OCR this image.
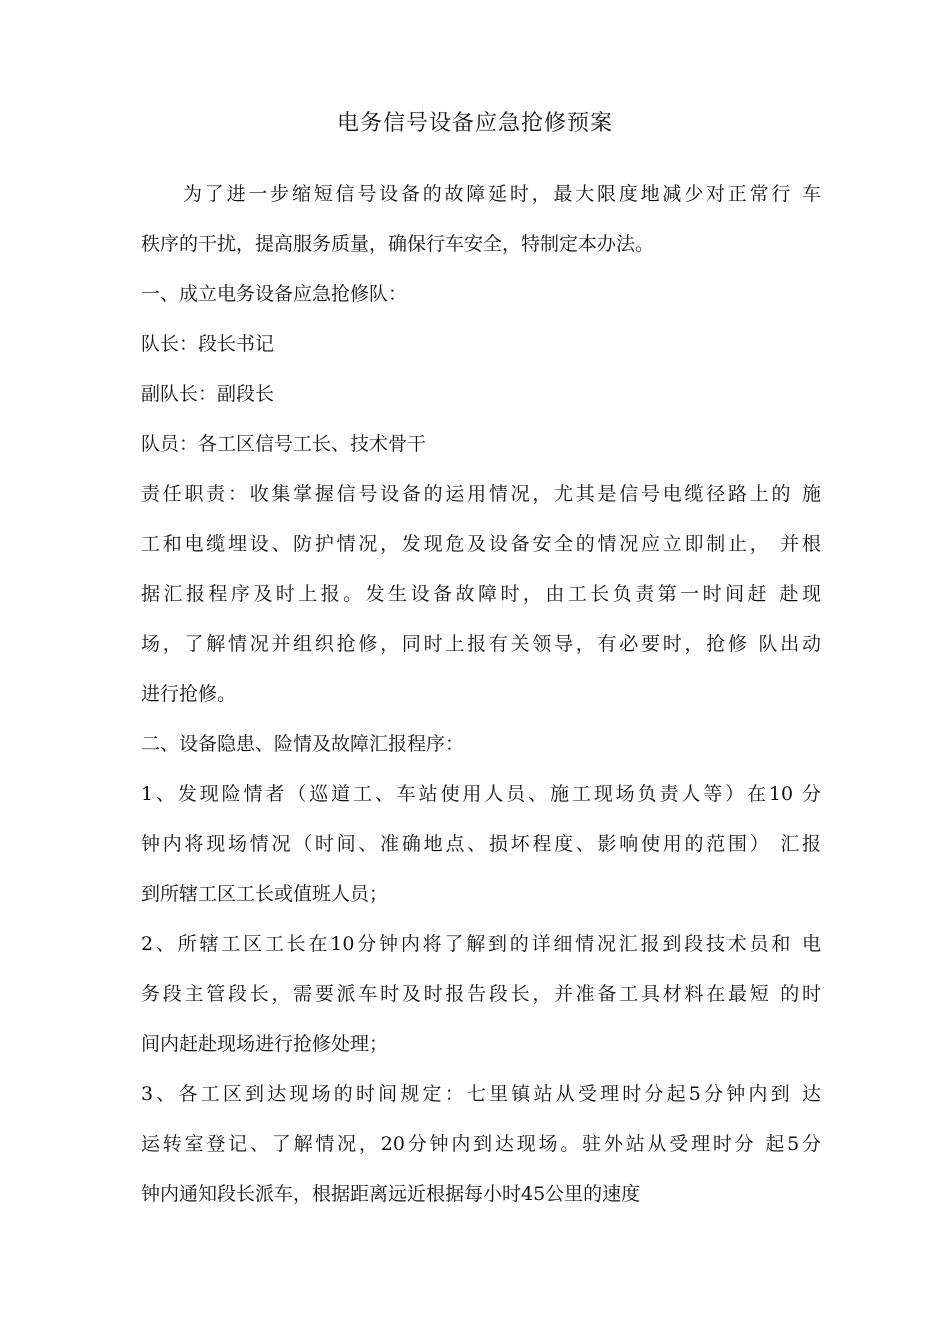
电务信号设备应急抢修预案
为了进一步缩短信号设备的故障延时，最大限度地减少对正常行 车
秩序的干扰，提高服务质量，确保行车安全，特制定本办法。
一、成立电务设备应急抢修队：
队长：段长书记
副队长：副段长
队员：各工区信号工长、技术骨干
责任职责：收集掌握信号设备的运用情况，尤其是信号电缆径路上的 施
工和电缆埋设、防护情况，发现危及设备安全的情况应立即制止， 并根
据汇报程序及时上报。发生设备故障时，由工长负责第一时间赶 赴现
场，了解情况并组织抢修，同时上报有关领导，有必要时，抢修 队出动
进行抢修。
二、设备隐患、险情及故障汇报程序：
1、发现险情者（巡道工、车站使用人员、施工现场负责人等）在10 分
钟内将现场情况（时间、准确地点、损坏程度、影响使用的范围） 汇报
到所辖工区工长或值班人员；
2、所辖工区工长在10分钟内将了解到的详细情况汇报到段技术员和 电
务段主管段长，需要派车时及时报告段长，并准备工具材料在最短 的时
间内赶赴现场进行抢修处理；
3、各工区到达现场的时间规定：七里镇站从受理时分起5分钟内到 达
运转室登记、了解情况，20分钟内到达现场。驻外站从受理时分 起5分
钟内通知段长派车，根据距离远近根据每小时45公里的速度
